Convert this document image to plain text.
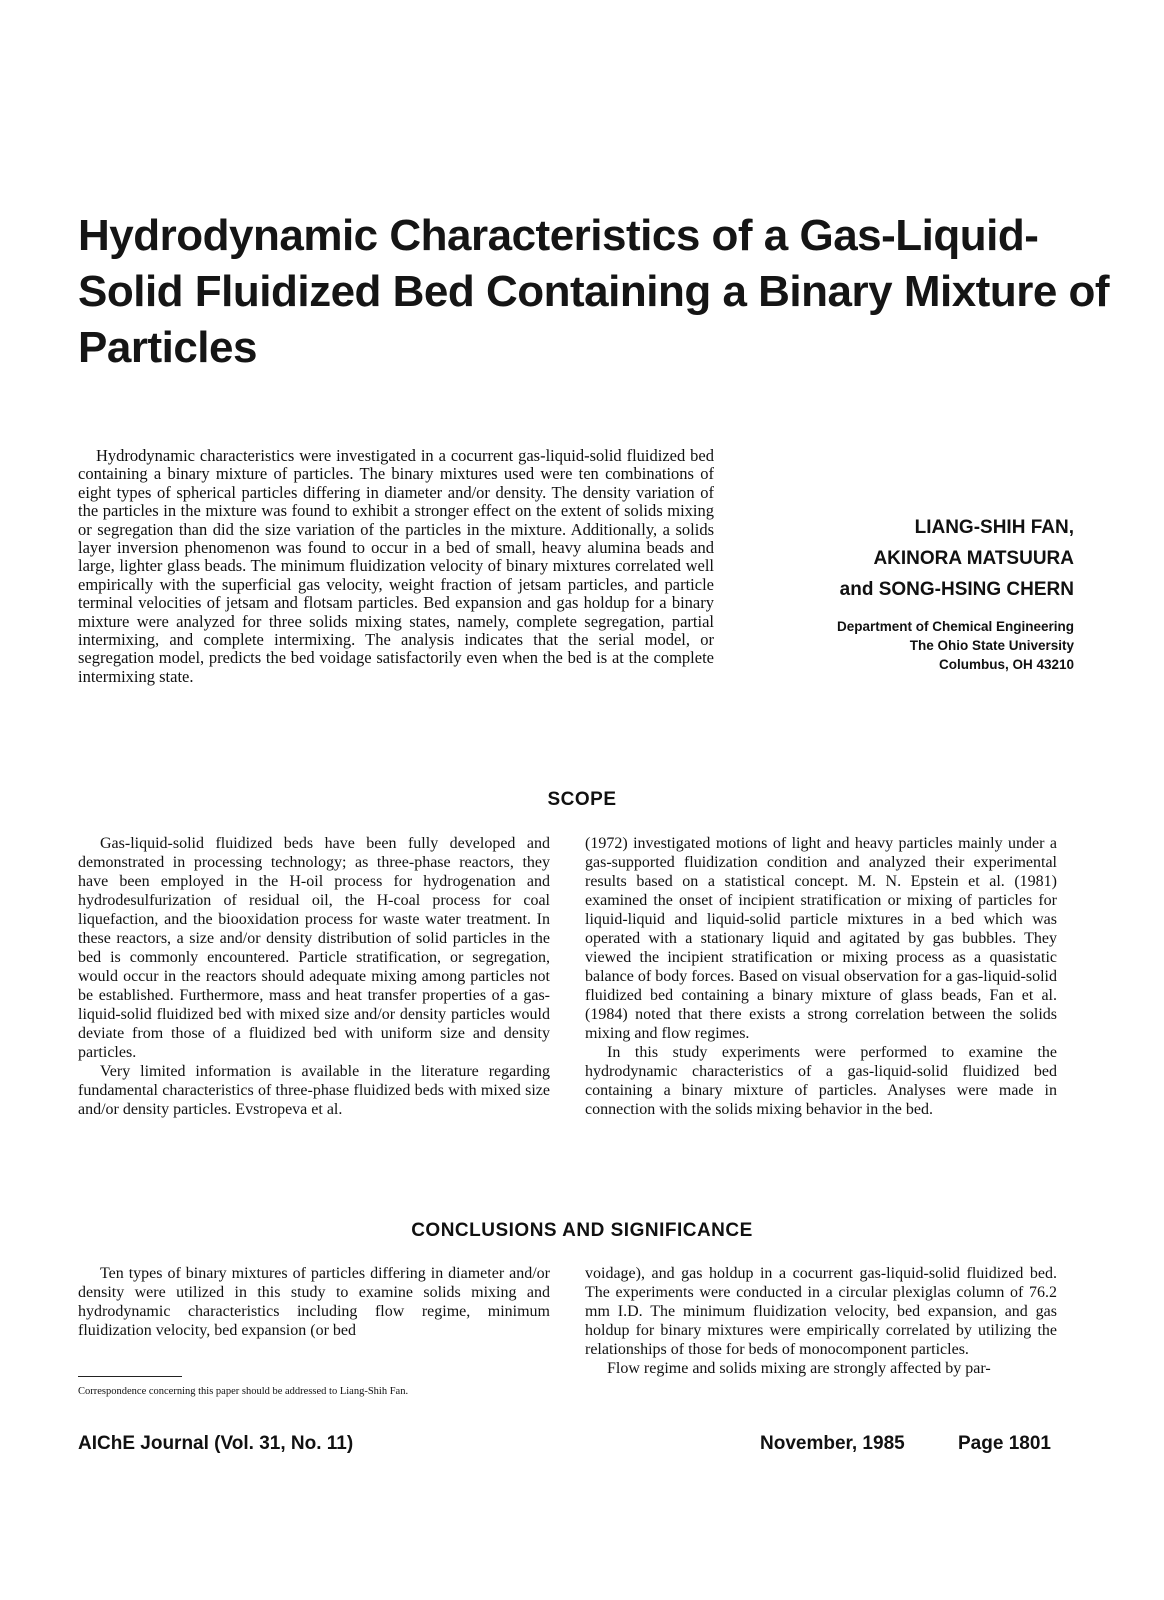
Hydrodynamic Characteristics of a Gas-Liquid-Solid Fluidized Bed Containing a Binary Mixture of Particles

Hydrodynamic characteristics were investigated in a cocurrent gas-liquid-solid fluidized bed containing a binary mixture of particles. The binary mixtures used were ten combinations of eight types of spherical particles differing in diameter and/or density. The density variation of the particles in the mixture was found to exhibit a stronger effect on the extent of solids mixing or segregation than did the size variation of the particles in the mixture. Additionally, a solids layer inversion phenomenon was found to occur in a bed of small, heavy alumina beads and large, lighter glass beads. The minimum fluidization velocity of binary mixtures correlated well empirically with the superficial gas velocity, weight fraction of jetsam particles, and particle terminal velocities of jetsam and flotsam particles. Bed expansion and gas holdup for a binary mixture were analyzed for three solids mixing states, namely, complete segregation, partial intermixing, and complete intermixing. The analysis indicates that the serial model, or segregation model, predicts the bed voidage satisfactorily even when the bed is at the complete intermixing state.

LIANG-SHIH FAN,
AKINORA MATSUURA
and SONG-HSING CHERN
Department of Chemical Engineering
The Ohio State University
Columbus, OH 43210
SCOPE

Gas-liquid-solid fluidized beds have been fully developed and demonstrated in processing technology; as three-phase reactors, they have been employed in the H-oil process for hydrogenation and hydrodesulfurization of residual oil, the H-coal process for coal liquefaction, and the biooxidation process for waste water treatment. In these reactors, a size and/or density distribution of solid particles in the bed is commonly encountered. Particle stratification, or segregation, would occur in the reactors should adequate mixing among particles not be established. Furthermore, mass and heat transfer properties of a gas-liquid-solid fluidized bed with mixed size and/or density particles would deviate from those of a fluidized bed with uniform size and density particles.

Very limited information is available in the literature regarding fundamental characteristics of three-phase fluidized beds with mixed size and/or density particles. Evstropeva et al.

(1972) investigated motions of light and heavy particles mainly under a gas-supported fluidization condition and analyzed their experimental results based on a statistical concept. M. N. Epstein et al. (1981) examined the onset of incipient stratification or mixing of particles for liquid-liquid and liquid-solid particle mixtures in a bed which was operated with a stationary liquid and agitated by gas bubbles. They viewed the incipient stratification or mixing process as a quasistatic balance of body forces. Based on visual observation for a gas-liquid-solid fluidized bed containing a binary mixture of glass beads, Fan et al. (1984) noted that there exists a strong correlation between the solids mixing and flow regimes.

In this study experiments were performed to examine the hydrodynamic characteristics of a gas-liquid-solid fluidized bed containing a binary mixture of particles. Analyses were made in connection with the solids mixing behavior in the bed.

CONCLUSIONS AND SIGNIFICANCE

Ten types of binary mixtures of particles differing in diameter and/or density were utilized in this study to examine solids mixing and hydrodynamic characteristics including flow regime, minimum fluidization velocity, bed expansion (or bed

voidage), and gas holdup in a cocurrent gas-liquid-solid fluidized bed. The experiments were conducted in a circular plexiglas column of 76.2 mm I.D. The minimum fluidization velocity, bed expansion, and gas holdup for binary mixtures were empirically correlated by utilizing the relationships of those for beds of monocomponent particles.

Flow regime and solids mixing are strongly affected by par-

Correspondence concerning this paper should be addressed to Liang-Shih Fan.
AIChE Journal (Vol. 31, No. 11)	November, 1985	Page 1801
